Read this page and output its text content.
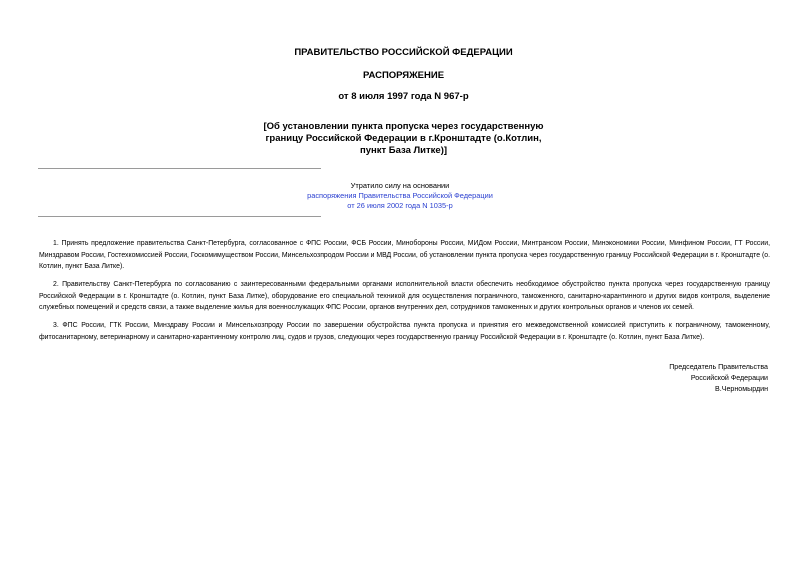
ПРАВИТЕЛЬСТВО РОССИЙСКОЙ ФЕДЕРАЦИИ
РАСПОРЯЖЕНИЕ
от 8 июля 1997 года N 967-р
[Об установлении пункта пропуска через государственную
границу Российской Федерации в г.Кронштадте (о.Котлин,
пункт База Литке)]
Утратило силу на основании
распоряжения Правительства Российской Федерации
от 26 июля 2002 года N 1035-р
1. Принять предложение правительства Санкт-Петербурга, согласованное с ФПС России, ФСБ России, Минобороны России, МИДом России, Минтрансом России, Минэкономики России, Минфином России, ГТ России, Минздравом России, Гостехкомиссией России, Госкомимуществом России, Минсельхозпродом России и МВД России, об установлении пункта пропуска через государственную границу Российской Федерации в г. Кронштадте (о. Котлин, пункт База Литке).
2. Правительству Санкт-Петербурга по согласованию с заинтересованными федеральными органами исполнительной власти обеспечить необходимое обустройство пункта пропуска через государственную границу Российской Федерации в г. Кронштадте (о. Котлин, пункт База Литке), оборудование его специальной техникой для осуществления пограничного, таможенного, санитарно-карантинного и других видов контроля, выделение служебных помещений и средств связи, а также выделение жилья для военнослужащих ФПС России, органов внутренних дел, сотрудников таможенных и других контрольных органов и членов их семей.
3. ФПС России, ГТК России, Минздраву России и Минсельхозпроду России по завершении обустройства пункта пропуска и принятия его межведомственной комиссией приступить к пограничному, таможенному, фитосанитарному, ветеринарному и санитарно-карантинному контролю лиц, судов и грузов, следующих через государственную границу Российской Федерации в г. Кронштадте (о. Котлин, пункт База Литке).
Председатель Правительства
Российской Федерации
В.Черномырдин
